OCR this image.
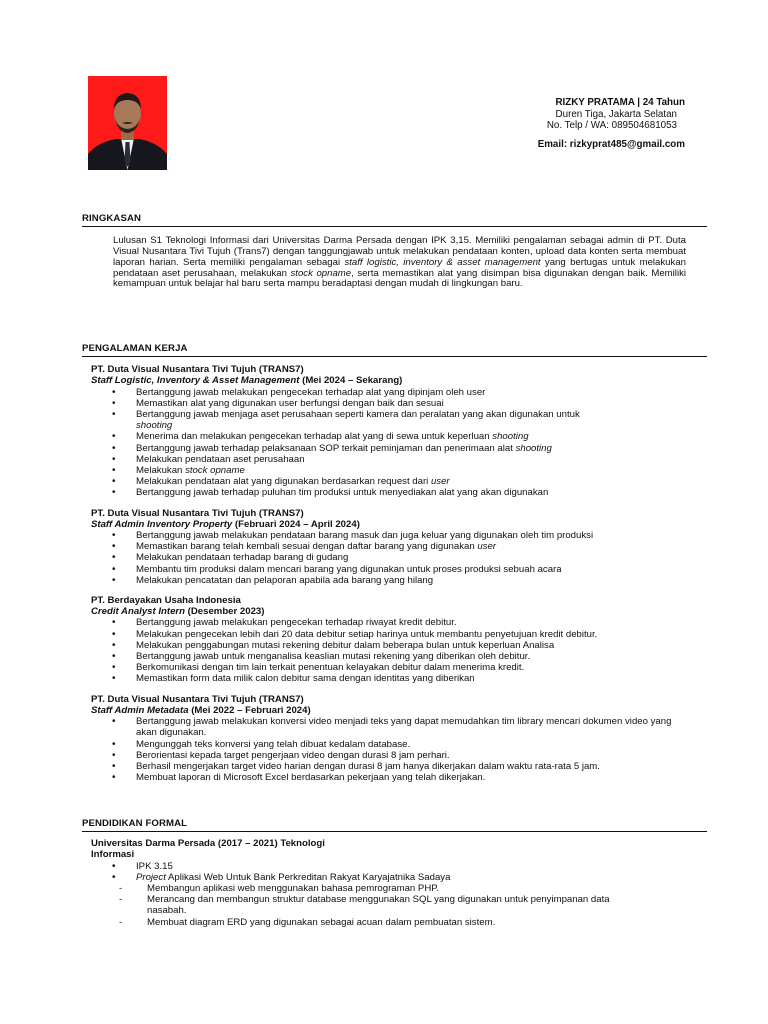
RIZKY PRATAMA | 24 Tahun
Duren Tiga, Jakarta Selatan
No. Telp / WA: 089504681053
Email: rizkyprat485@gmail.com
RINGKASAN
Lulusan S1 Teknologi Informasi dari Universitas Darma Persada dengan IPK 3,15. Memiliki pengalaman sebagai admin di PT. Duta Visual Nusantara Tivi Tujuh (Trans7) dengan tanggungjawab untuk melakukan pendataan konten, upload data konten serta membuat laporan harian. Serta memiliki pengalaman sebagai staff logistic, inventory & asset management yang bertugas untuk melakukan pendataan aset perusahaan, melakukan stock opname, serta memastikan alat yang disimpan bisa digunakan dengan baik. Memiliki kemampuan untuk belajar hal baru serta mampu beradaptasi dengan mudah di lingkungan baru.
PENGALAMAN KERJA
PT. Duta Visual Nusantara Tivi Tujuh (TRANS7)
Staff Logistic, Inventory & Asset Management (Mei 2024 – Sekarang)
• Bertanggung jawab melakukan pengecekan terhadap alat yang dipinjam oleh user
• Memastikan alat yang digunakan user berfungsi dengan baik dan sesuai
• Bertanggung jawab menjaga aset perusahaan seperti kamera dan peralatan yang akan digunakan untuk
shooting
• Menerima dan melakukan pengecekan terhadap alat yang di sewa untuk keperluan shooting
• Bertanggung jawab terhadap pelaksanaan SOP terkait peminjaman dan penerimaan alat shooting
• Melakukan pendataan aset perusahaan
• Melakukan stock opname
• Melakukan pendataan alat yang digunakan berdasarkan request dari user
• Bertanggung jawab terhadap puluhan tim produksi untuk menyediakan alat yang akan digunakan
PT. Duta Visual Nusantara Tivi Tujuh (TRANS7)
Staff Admin Inventory Property (Februari 2024 – April 2024)
• Bertanggung jawab melakukan pendataan barang masuk dan juga keluar yang digunakan oleh tim produksi
• Memastikan barang telah kembali sesuai dengan daftar barang yang digunakan user
• Melakukan pendataan terhadap barang di gudang
• Membantu tim produksi dalam mencari barang yang digunakan untuk proses produksi sebuah acara
• Melakukan pencatatan dan pelaporan apabila ada barang yang hilang
PT. Berdayakan Usaha Indonesia
Credit Analyst Intern (Desember 2023)
• Bertanggung jawab melakukan pengecekan terhadap riwayat kredit debitur.
• Melakukan pengecekan lebih dari 20 data debitur setiap harinya untuk membantu penyetujuan kredit debitur.
• Melakukan penggabungan mutasi rekening debitur dalam beberapa bulan untuk keperluan Analisa
• Bertanggung jawab untuk menganalisa keaslian mutasi rekening yang diberikan oleh debitur.
• Berkomunikasi dengan tim lain terkait penentuan kelayakan debitur dalam menerima kredit.
• Memastikan form data milik calon debitur sama dengan identitas yang diberikan
PT. Duta Visual Nusantara Tivi Tujuh (TRANS7)
Staff Admin Metadata (Mei 2022 – Februari 2024)
• Bertanggung jawab melakukan konversi video menjadi teks yang dapat memudahkan tim library mencari dokumen video yang akan digunakan.
• Mengunggah teks konversi yang telah dibuat kedalam database.
• Berorientasi kepada target pengerjaan video dengan durasi 8 jam perhari.
• Berhasil mengerjakan target video harian dengan durasi 8 jam hanya dikerjakan dalam waktu rata-rata 5 jam.
• Membuat laporan di Microsoft Excel berdasarkan pekerjaan yang telah dikerjakan.
PENDIDIKAN FORMAL
Universitas Darma Persada (2017 – 2021) Teknologi
Informasi
• IPK 3.15
• Project Aplikasi Web Untuk Bank Perkreditan Rakyat Karyajatnika Sadaya
- Membangun aplikasi web menggunakan bahasa pemrograman PHP.
- Merancang dan membangun struktur database menggunakan SQL yang digunakan untuk penyimpanan data nasabah.
- Membuat diagram ERD yang digunakan sebagai acuan dalam pembuatan sistem.
